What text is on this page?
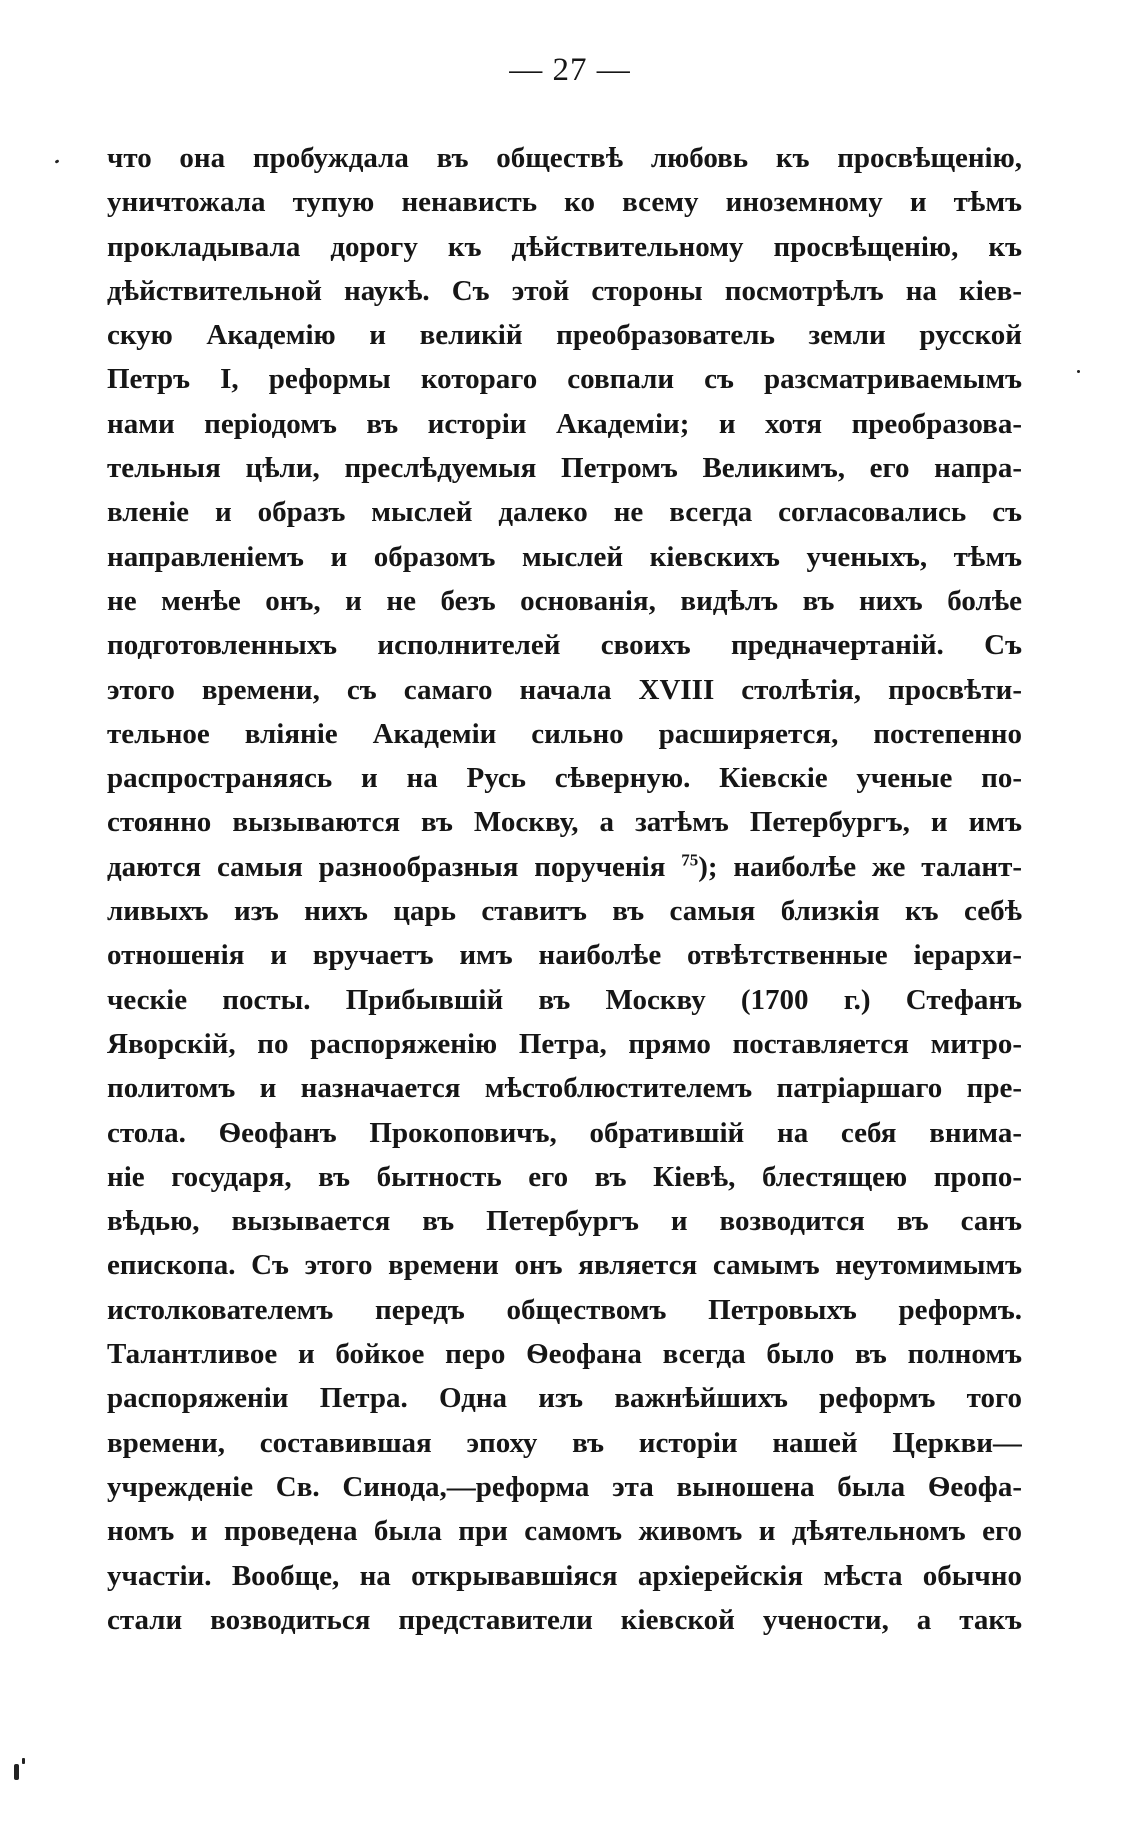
— 27 —
что она пробуждала въ обществѣ любовь къ просвѣщенію,
уничтожала тупую ненависть ко всему иноземному и тѣмъ
прокладывала дорогу къ дѣйствительному просвѣщенію, къ
дѣйствительной наукѣ. Съ этой стороны посмотрѣлъ на кіев-
скую Академію и великій преобразователь земли русской
Петръ I, реформы котораго совпали съ разсматриваемымъ
нами періодомъ въ исторіи Академіи; и хотя преобразова-
тельныя цѣли, преслѣдуемыя Петромъ Великимъ, его напра-
вленіе и образъ мыслей далеко не всегда согласовались съ
направленіемъ и образомъ мыслей кіевскихъ ученыхъ, тѣмъ
не менѣе онъ, и не безъ основанія, видѣлъ въ нихъ болѣе
подготовленныхъ исполнителей своихъ предначертаній. Съ
этого времени, съ самаго начала XVIII столѣтія, просвѣти-
тельное вліяніе Академіи сильно расширяется, постепенно
распространяясь и на Русь сѣверную. Кіевскіе ученые по-
стоянно вызываются въ Москву, а затѣмъ Петербургъ, и имъ
даются самыя разнообразныя порученія $^{75}$); наиболѣе же талант-
ливыхъ изъ нихъ царь ставитъ въ самыя близкія къ себѣ
отношенія и вручаетъ имъ наиболѣе отвѣтственные іерархи-
ческіе посты. Прибывшій въ Москву (1700 г.) Стефанъ
Яворскій, по распоряженію Петра, прямо поставляется митро-
политомъ и назначается мѣстоблюстителемъ патріаршаго пре-
стола. Ѳеофанъ Прокоповичъ, обратившій на себя внима-
ніе государя, въ бытность его въ Кіевѣ, блестящею пропо-
вѣдью, вызывается въ Петербургъ и возводится въ санъ
епископа. Съ этого времени онъ является самымъ неутомимымъ
истолкователемъ передъ обществомъ Петровыхъ реформъ.
Талантливое и бойкое перо Ѳеофана всегда было въ полномъ
распоряженіи Петра. Одна изъ важнѣйшихъ реформъ того
времени, составившая эпоху въ исторіи нашей Церкви—
учрежденіе Св. Синода,—реформа эта выношена была Ѳеофа-
номъ и проведена была при самомъ живомъ и дѣятельномъ его
участіи. Вообще, на открывавшіяся архіерейскія мѣста обычно
стали возводиться представители кіевской учености, а такъ
